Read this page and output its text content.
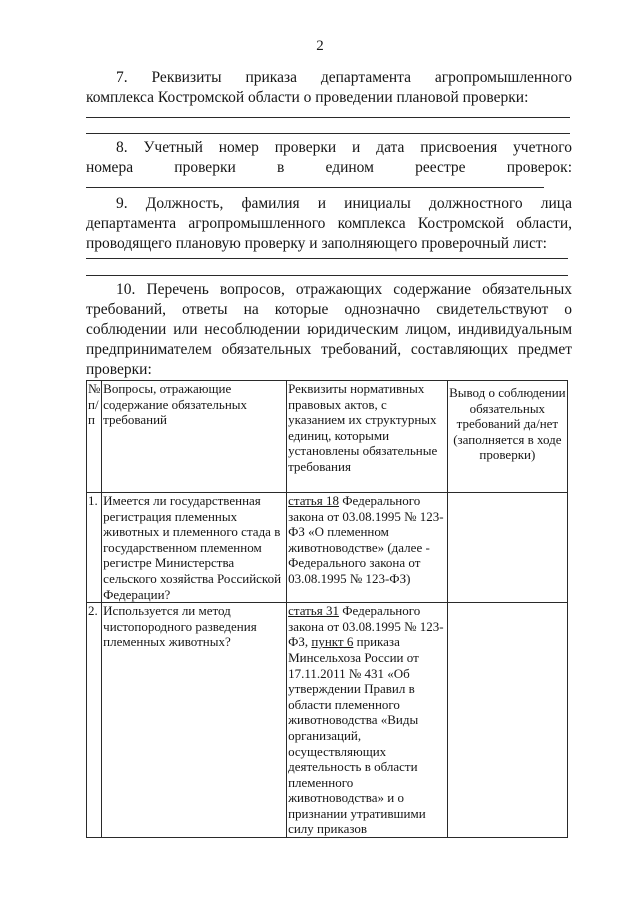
2
7. Реквизиты приказа департамента агропромышленного
комплекса Костромской области о проведении плановой проверки:
8. Учетный номер проверки и дата присвоения учетного
номера проверки в едином реестре проверок:
9. Должность, фамилия и инициалы должностного лица
департамента агропромышленного комплекса Костромской области,
проводящего плановую проверку и заполняющего проверочный лист:
10. Перечень вопросов, отражающих содержание обязательных
требований, ответы на которые однозначно свидетельствуют о
соблюдении или несоблюдении юридическим лицом, индивидуальным
предпринимателем обязательных требований, составляющих предмет
проверки:
№ п/п	Вопросы, отражающие содержание обязательных требований	Реквизиты нормативных правовых актов, с указанием их структурных единиц, которыми установлены обязательные требования	Вывод о соблюдении обязательных требований да/нет (заполняется в ходе проверки)
1.	Имеется ли государственная регистрация племенных животных и племенного стада в государственном племенном регистре Министерства сельского хозяйства Российской Федерации?	статья 18 Федерального закона от 03.08.1995 № 123-ФЗ «О племенном животноводстве» (далее - Федерального закона от 03.08.1995 № 123-ФЗ)	
2.	Используется ли метод чистопородного разведения племенных животных?	статья 31 Федерального закона от 03.08.1995 № 123-ФЗ, пункт 6 приказа Минсельхоза России от 17.11.2011 № 431 «Об утверждении Правил в области племенного животноводства «Виды организаций, осуществляющих деятельность в области племенного животноводства» и о признании утратившими силу приказов	
